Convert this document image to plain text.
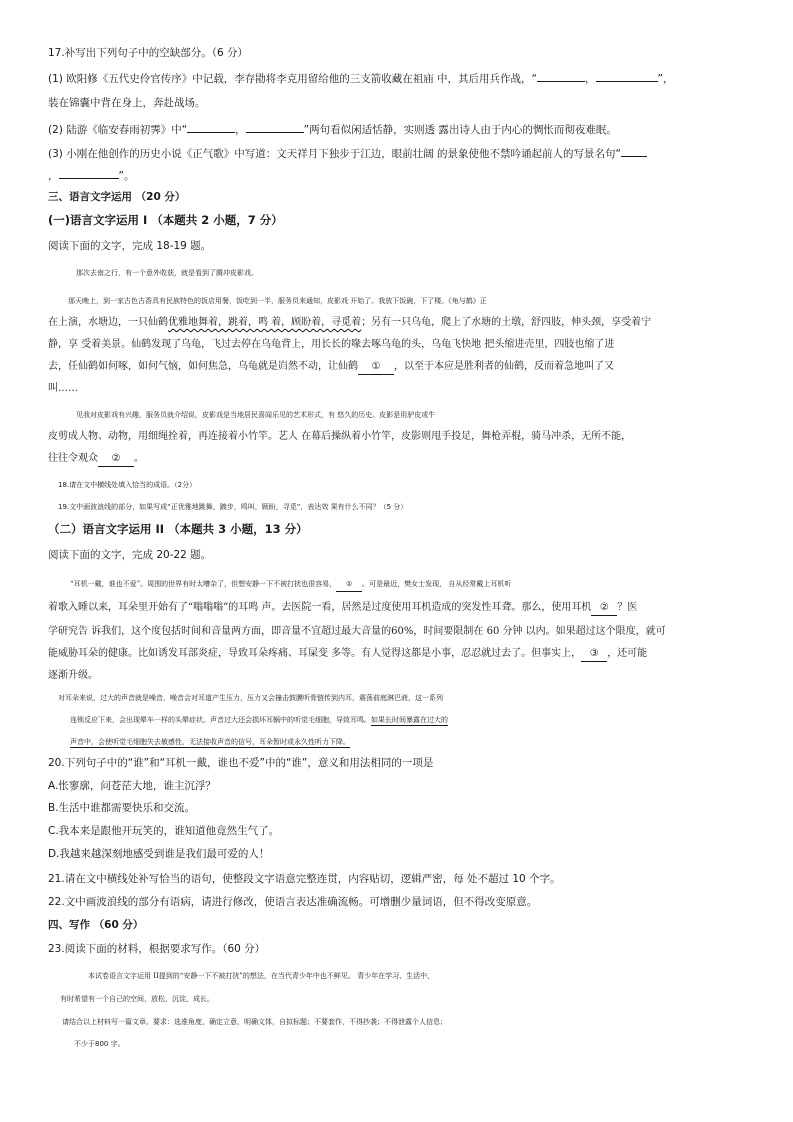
17.补写出下列句子中的空缺部分。（6 分）
(1) 欧阳修《五代史伶官传序》中记载，李存勖将李克用留给他的三支箭收藏在祖庙 中，其后用兵作战，“	，	”，
装在锦囊中背在身上，奔赴战场。
(2) 陆游《临安春雨初霁》中“	，	”两句看似闲适恬静，实则透 露出诗人由于内心的惆怅而彻夜难眠。
(3) 小刚在他创作的历史小说《正气歌》中写道：文天祥月下独步于江边，眼前壮阔 的景象使他不禁吟诵起前人的写景名句“
，	”。
三、语言文字运用 （20 分）
(一)语言文字运用 I （本题共 2 小题，7 分）
阅读下面的文字，完成 18-19 题。
那次去南之行，有一个意外收获，就是看到了腾冲皮影戏。
那天晚上，到一家古色古香具有民族特色的饭店用餐，饭吃到一半，服务员来通知，皮影戏 开始了。我放下饭碗，下了楼。《龟与鹤》正
在上演，水塘边，一只仙鹤优雅地舞着，跳着，鸣 着，顾盼着，寻觅着；另有一只乌龟，爬上了水塘的土墩，舒四肢，伸头颈，享受着宁
静，享 受着美景。仙鹤发现了乌龟，飞过去停在乌龟背上，用长长的喙去啄乌龟的头，乌龟飞快地 把头缩进壳里，四肢也缩了进
去，任仙鹤如何啄，如何气恼，如何焦急，乌龟就是岿然不动，让仙鹤 ① ，以至于本应是胜利者的仙鹤，反而着急地叫了又
叫……
见我对皮影戏有兴趣，服务员就介绍说，皮影戏是当地居民喜闻乐见的艺术形式，有 悠久的历史。皮影是用驴皮或牛
皮剪成人物、动物，用细绳拴着，再连接着小竹竿。艺人 在幕后操纵着小竹竿，皮影则甩手投足，舞枪弄棍，骑马冲杀，无所不能，
往往令观众 ② 。
18.请在文中横线处填入恰当的成语。（2分）
19.文中画波浪线的部分，如果写成“正优雅地跳舞，踱步，鸣叫，顾盼，寻觅”，表达效 果有什么不同？（5 分）
（二）语言文字运用 II （本题共 3 小题，13 分）
阅读下面的文字，完成 20-22 题。
“耳机一戴，谁也不爱”。周围的世界有时太嘈杂了，但想安静一下不被打扰也很容易， ① 。可是最近，樊女士发现， 自从经常戴上耳机听
着歌入睡以来，耳朵里开始有了“嗡嗡嗡”的耳鸣 声。去医院一看，居然是过度使用耳机造成的突发性耳聋。那么，使用耳机 ② ？医
学研究告 诉我们，这个度包括时间和音量两方面，即音量不宜超过最大音量的60%，时间要限制在 60 分钟 以内。如果超过这个限度，就可
能威胁耳朵的健康。比如诱发耳部炎症，导致耳朵疼痛、耳屎变 多等。有人觉得这都是小事，忍忍就过去了。但事实上， ③ ，还可能
逐渐升级。
对耳朵来说，过大的声音就是噪音，噪音会对耳道产生压力，压力又会撞击鼓膜听骨链传到内耳，震荡前庭淋巴液，这一系列
连锁反应下来，会出现晕车一样的头晕症状。声音过大还会损坏耳蜗中的听觉毛细胞，导致耳鸣。如果长时间暴露在过大的
声音中，会使听觉毛细胞失去敏感性，无法接收声音的信号，耳朵暂时或永久性听力下降。
20.下列句子中的“谁”和“耳机一戴，谁也不爱”中的“谁”，意义和用法相同的一项是
A.怅寥廓，问苍茫大地，谁主沉浮？
B.生活中谁都需要快乐和交流。
C.我本来是跟他开玩笑的，谁知道他竟然生气了。
D.我越来越深刻地感受到谁是我们最可爱的人！
21.请在文中横线处补写恰当的语句，使整段文字语意完整连贯，内容贴切，逻辑严密，每 处不超过 10 个字。
22.文中画波浪线的部分有语病，请进行修改，使语言表达准确流畅。可增删少量词语，但不得改变原意。
四、写作 （60 分）
23.阅读下面的材料，根据要求写作。（60 分）
本试卷语言文字运用 II提到的“安静一下不被打扰”的想法，在当代青少年中也不鲜见。 青少年在学习、生活中，
有时希望有一个自己的空间，放松，沉淀，成长。
请结合以上材料写一篇文章。要求：选准角度，确定立意，明确文体，自拟标题；不要套作，不得抄袭；不得泄露个人信息；
不少于800 字。
